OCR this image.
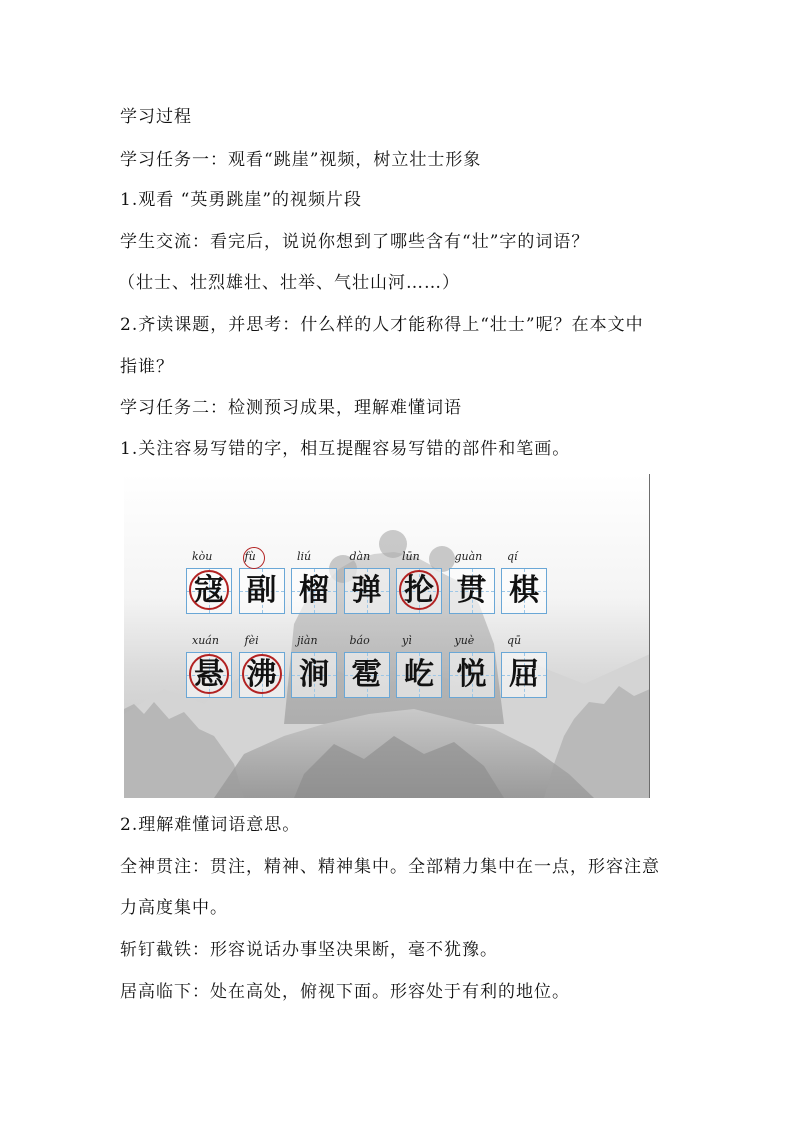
学习过程
学习任务一：观看“跳崖”视频，树立壮士形象
1.观看 “英勇跳崖”的视频片段
学生交流：看完后，说说你想到了哪些含有“壮”字的词语？
（壮士、壮烈雄壮、壮举、气壮山河……）
2.齐读课题，并思考：什么样的人才能称得上“壮士”呢？在本文中
指谁？
学习任务二：检测预习成果，理解难懂词语
1.关注容易写错的字，相互提醒容易写错的部件和笔画。
kòu
寇
fù
副
liú
榴
dàn
弹
lūn
抡
guàn
贯
qí
棋
xuán
悬
fèi
沸
jiàn
涧
báo
雹
yì
屹
yuè
悦
qū
屈
2.理解难懂词语意思。
全神贯注：贯注，精神、精神集中。全部精力集中在一点，形容注意
力高度集中。
斩钉截铁：形容说话办事坚决果断，毫不犹豫。
居高临下：处在高处，俯视下面。形容处于有利的地位。
